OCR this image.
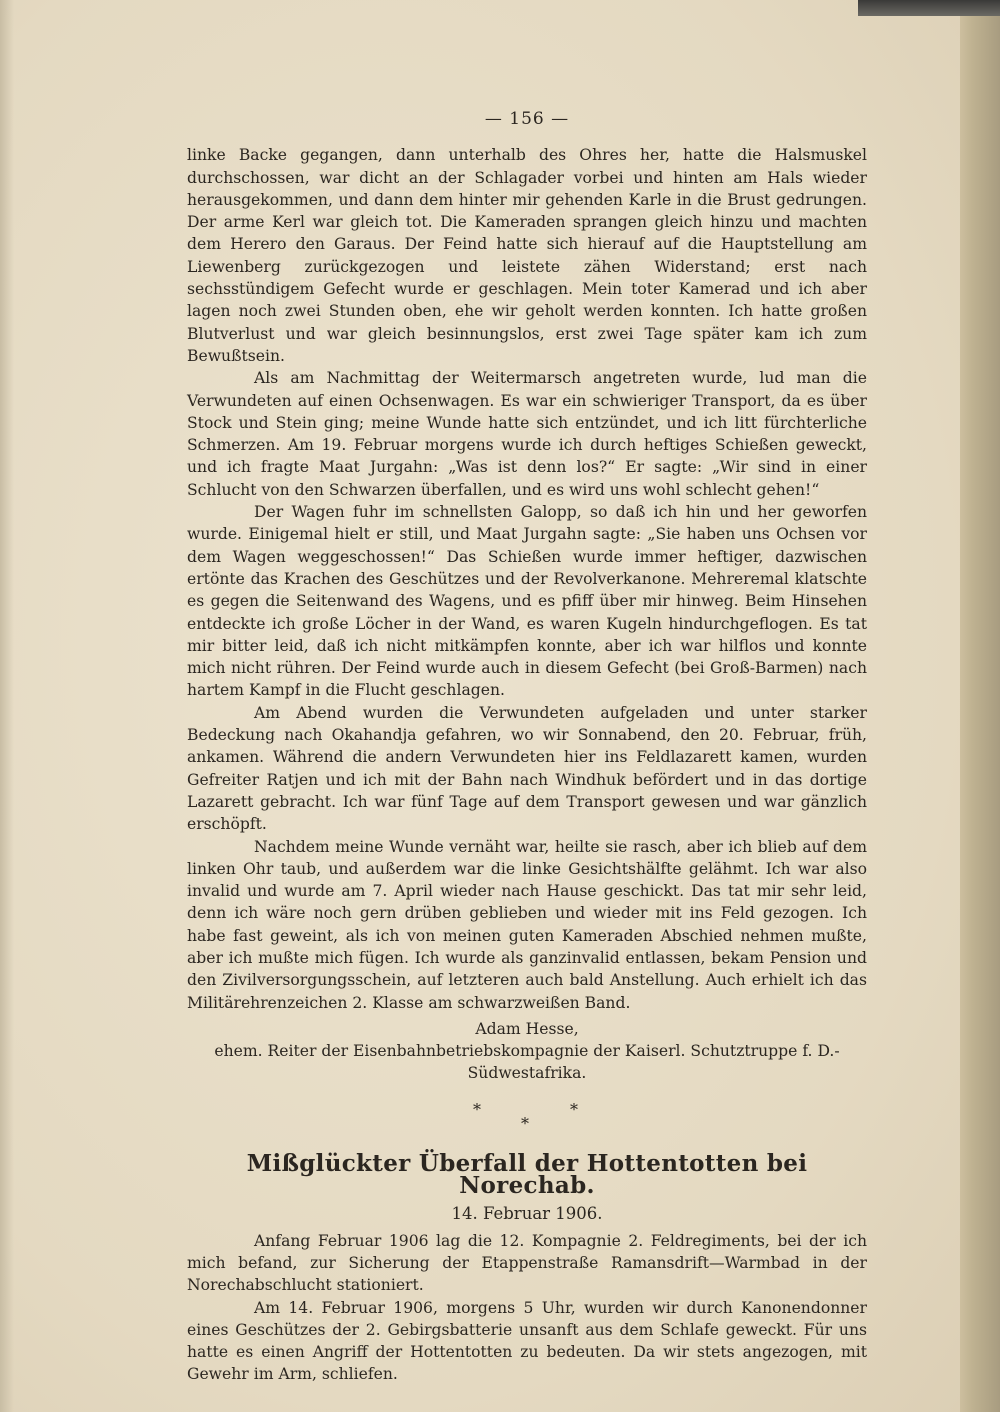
— 156 —

linke Backe gegangen, dann unterhalb des Ohres her, hatte die Halsmuskel durchschossen, war dicht an der Schlagader vorbei und hinten am Hals wieder herausgekommen, und dann dem hinter mir gehenden Karle in die Brust gedrungen. Der arme Kerl war gleich tot. Die Kameraden sprangen gleich hinzu und machten dem Herero den Garaus. Der Feind hatte sich hierauf auf die Hauptstellung am Liewenberg zurückgezogen und leistete zähen Widerstand; erst nach sechsstündigem Gefecht wurde er geschlagen. Mein toter Kamerad und ich aber lagen noch zwei Stunden oben, ehe wir geholt werden konnten. Ich hatte großen Blutverlust und war gleich besinnungslos, erst zwei Tage später kam ich zum Bewußtsein.

Als am Nachmittag der Weitermarsch angetreten wurde, lud man die Verwundeten auf einen Ochsenwagen. Es war ein schwieriger Transport, da es über Stock und Stein ging; meine Wunde hatte sich entzündet, und ich litt fürchterliche Schmerzen. Am 19. Februar morgens wurde ich durch heftiges Schießen geweckt, und ich fragte Maat Jurgahn: „Was ist denn los?“ Er sagte: „Wir sind in einer Schlucht von den Schwarzen überfallen, und es wird uns wohl schlecht gehen!“

Der Wagen fuhr im schnellsten Galopp, so daß ich hin und her geworfen wurde. Einigemal hielt er still, und Maat Jurgahn sagte: „Sie haben uns Ochsen vor dem Wagen weggeschossen!“ Das Schießen wurde immer heftiger, dazwischen ertönte das Krachen des Geschützes und der Revolverkanone. Mehreremal klatschte es gegen die Seitenwand des Wagens, und es pfiff über mir hinweg. Beim Hinsehen entdeckte ich große Löcher in der Wand, es waren Kugeln hindurchgeflogen. Es tat mir bitter leid, daß ich nicht mitkämpfen konnte, aber ich war hilflos und konnte mich nicht rühren. Der Feind wurde auch in diesem Gefecht (bei Groß-Barmen) nach hartem Kampf in die Flucht geschlagen.

Am Abend wurden die Verwundeten aufgeladen und unter starker Bedeckung nach Okahandja gefahren, wo wir Sonnabend, den 20. Februar, früh, ankamen. Während die andern Verwundeten hier ins Feldlazarett kamen, wurden Gefreiter Ratjen und ich mit der Bahn nach Windhuk befördert und in das dortige Lazarett gebracht. Ich war fünf Tage auf dem Transport gewesen und war gänzlich erschöpft.

Nachdem meine Wunde vernäht war, heilte sie rasch, aber ich blieb auf dem linken Ohr taub, und außerdem war die linke Gesichtshälfte gelähmt. Ich war also invalid und wurde am 7. April wieder nach Hause geschickt. Das tat mir sehr leid, denn ich wäre noch gern drüben geblieben und wieder mit ins Feld gezogen. Ich habe fast geweint, als ich von meinen guten Kameraden Abschied nehmen mußte, aber ich mußte mich fügen. Ich wurde als ganzinvalid entlassen, bekam Pension und den Zivilversorgungsschein, auf letzteren auch bald Anstellung. Auch erhielt ich das Militärehrenzeichen 2. Klasse am schwarzweißen Band.

Adam Hesse,
ehem. Reiter der Eisenbahnbetriebskompagnie der Kaiserl. Schutztruppe f. D.-Südwestafrika.
*	*
*
Mißglückter Überfall der Hottentotten bei Norechab.
14. Februar 1906.

Anfang Februar 1906 lag die 12. Kompagnie 2. Feldregiments, bei der ich mich befand, zur Sicherung der Etappenstraße Ramansdrift—Warmbad in der Norechabschlucht stationiert.

Am 14. Februar 1906, morgens 5 Uhr, wurden wir durch Kanonendonner eines Geschützes der 2. Gebirgsbatterie unsanft aus dem Schlafe geweckt. Für uns hatte es einen Angriff der Hottentotten zu bedeuten. Da wir stets angezogen, mit Gewehr im Arm, schliefen.
